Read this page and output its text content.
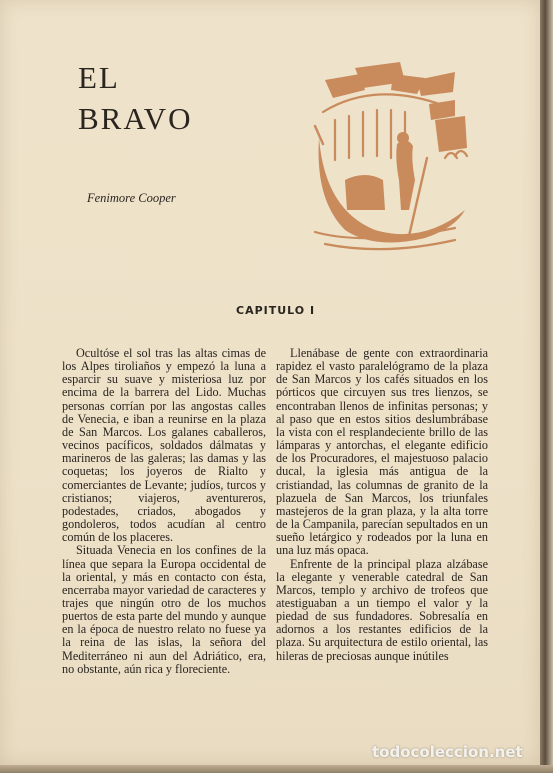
EL
BRAVO
Fenimore Cooper
CAPITULO I

Ocultóse el sol tras las altas cimas de los Alpes tiroliaños y empezó la luna a esparcir su suave y misteriosa luz por encima de la barrera del Lido. Muchas personas corrían por las angostas calles de Venecia, e iban a reunirse en la plaza de San Marcos. Los galanes caballeros, vecinos pacíficos, soldados dálmatas y marineros de las galeras; las damas y las coquetas; los joyeros de Rialto y comerciantes de Levante; judíos, turcos y cristianos; viajeros, aventureros, podestades, criados, abogados y gondoleros, todos acudían al centro común de los placeres.

Situada Venecia en los confines de la línea que separa la Europa occidental de la oriental, y más en contacto con ésta, encerraba mayor variedad de caracteres y trajes que ningún otro de los muchos puertos de esta parte del mundo y aunque en la época de nuestro relato no fuese ya la reina de las islas, la señora del Mediterráneo ni aun del Adriático, era, no obstante, aún rica y floreciente.

Llenábase de gente con extraordinaria rapidez el vasto paralelógramo de la plaza de San Marcos y los cafés situados en los pórticos que circuyen sus tres lienzos, se encontraban llenos de infinitas personas; y al paso que en estos sitios deslumbrábase la vista con el resplandeciente brillo de las lámparas y antorchas, el elegante edificio de los Procuradores, el majestuoso palacio ducal, la iglesia más antigua de la cristiandad, las columnas de granito de la plazuela de San Marcos, los triunfales mastejeros de la gran plaza, y la alta torre de la Campanila, parecían sepultados en un sueño letárgico y rodeados por la luna en una luz más opaca.

Enfrente de la principal plaza alzábase la elegante y venerable catedral de San Marcos, templo y archivo de trofeos que atestiguaban a un tiempo el valor y la piedad de sus fundadores. Sobresalía en adornos a los restantes edificios de la plaza. Su arquitectura de estilo oriental, las hileras de preciosas aunque inútiles

todocoleccion.net
